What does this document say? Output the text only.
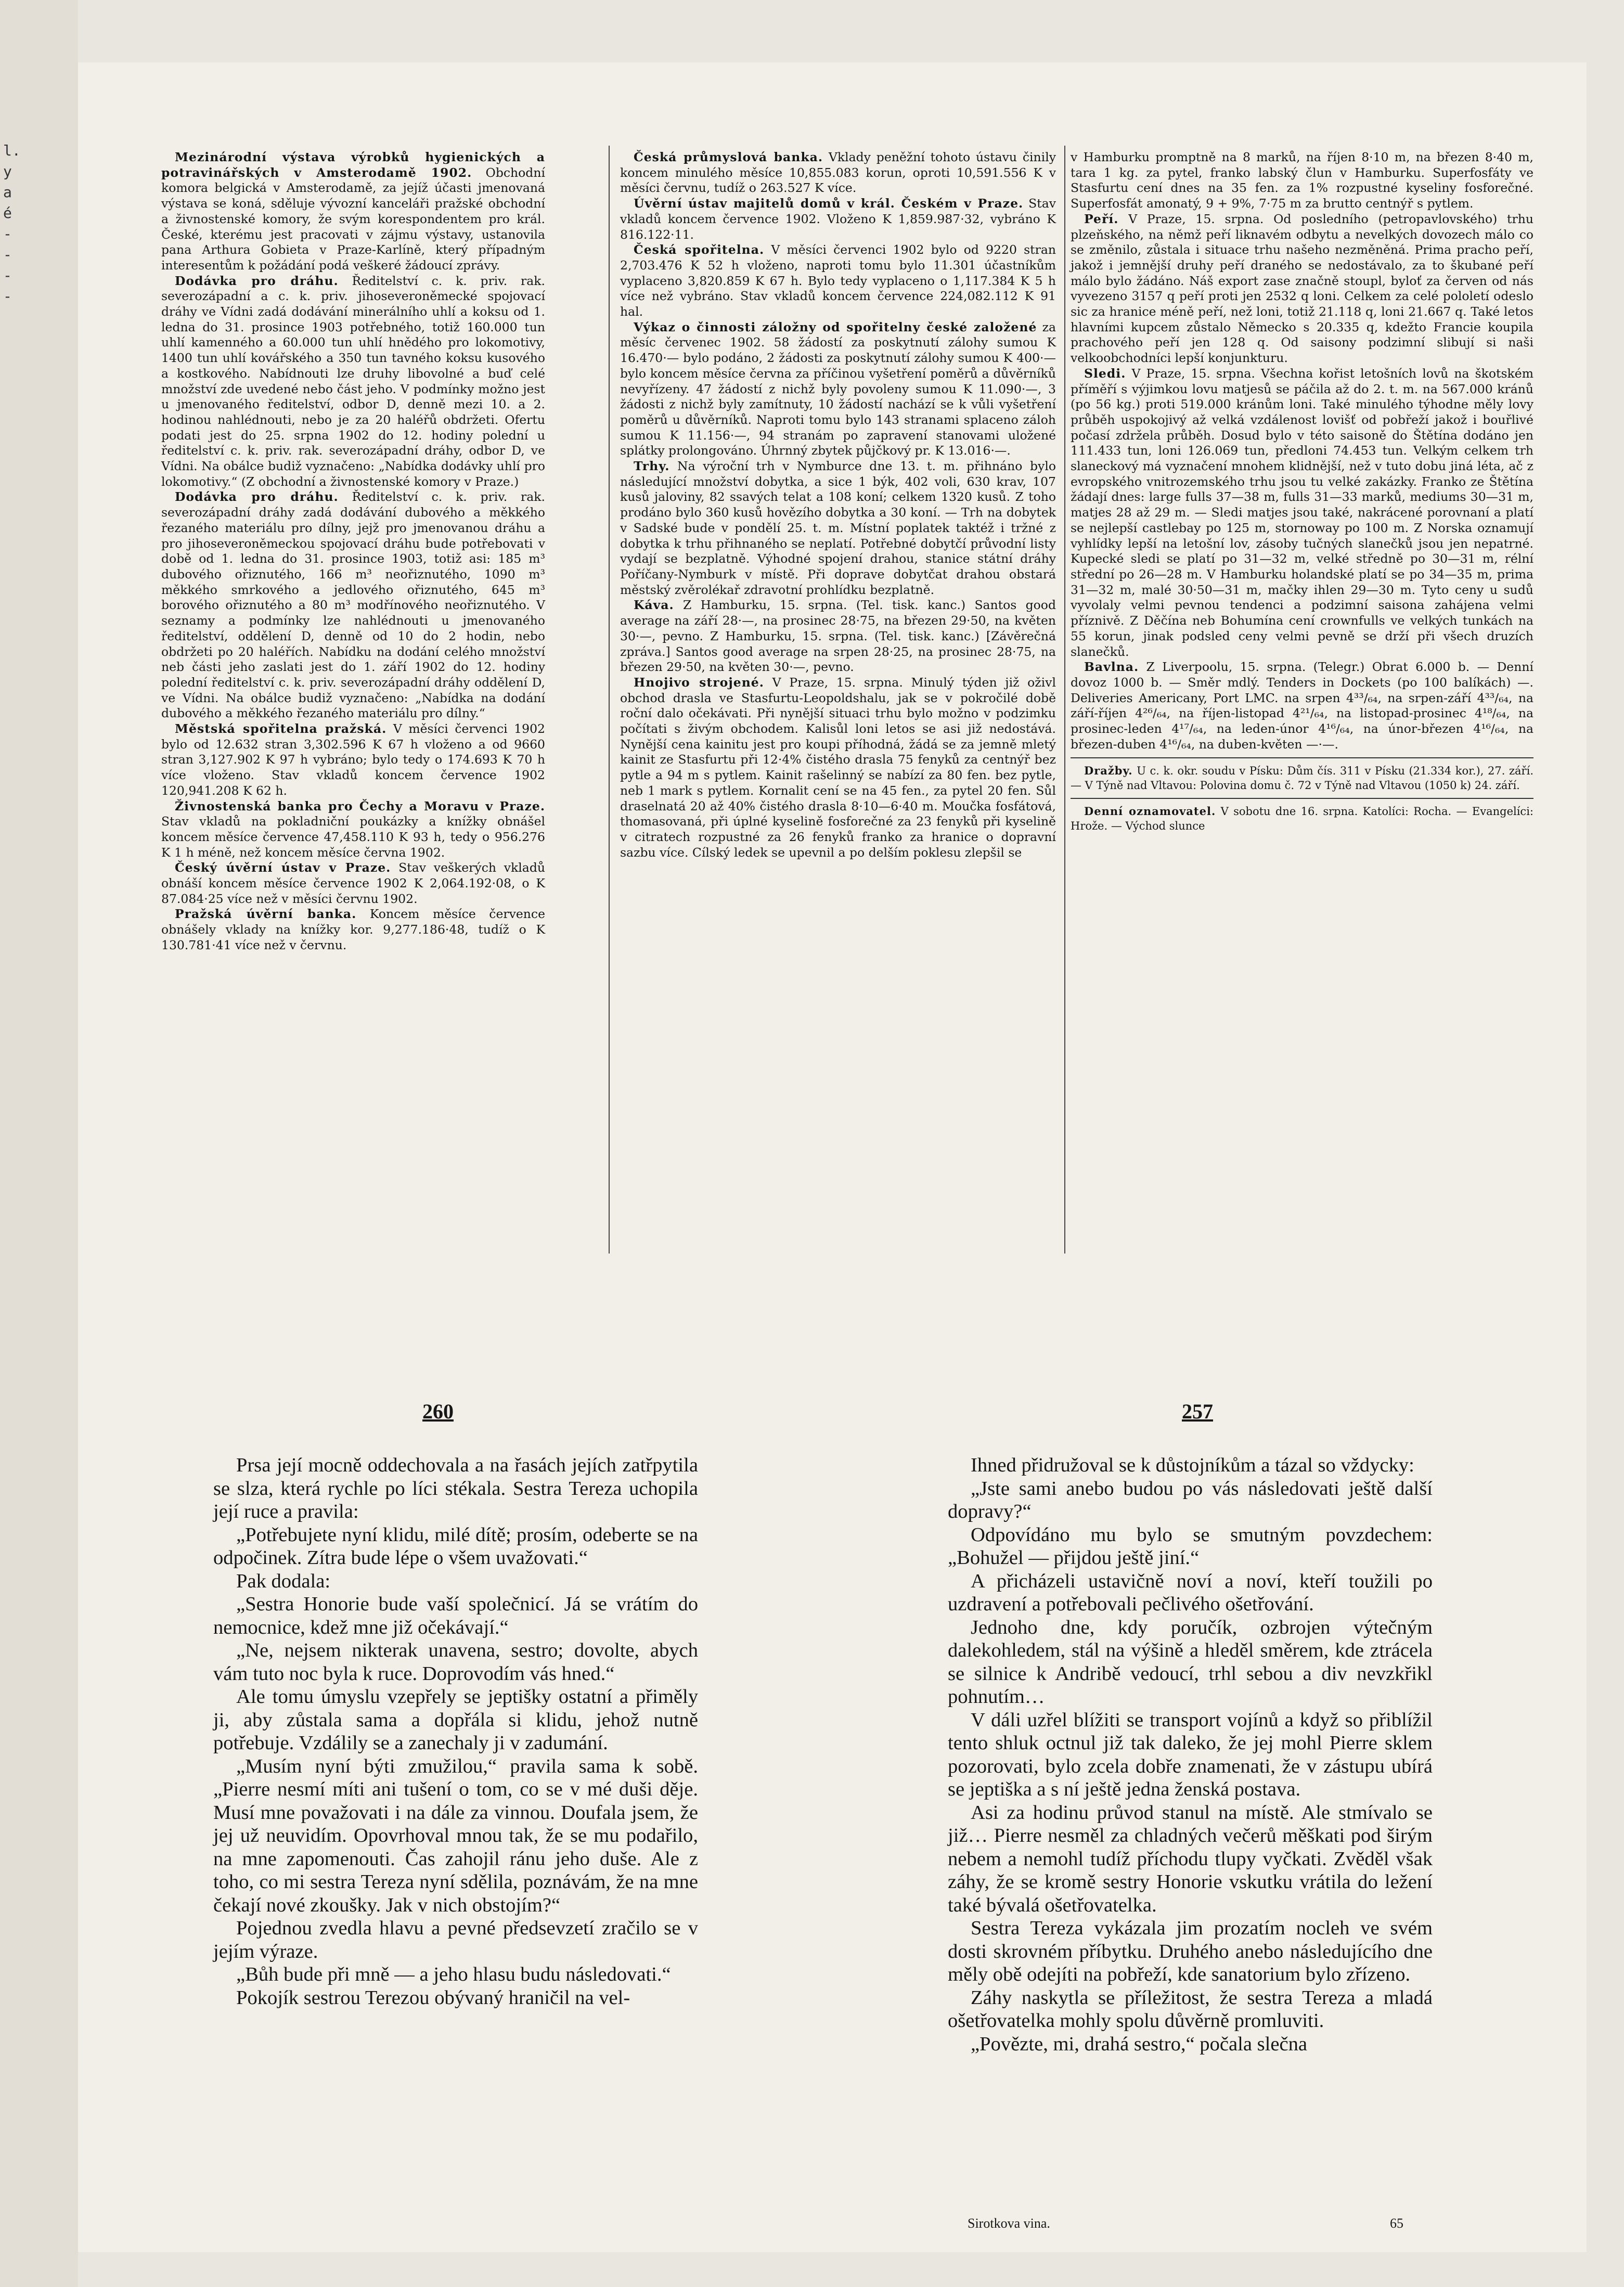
l.
y
a
é
-
-
-
-

Mezinárodní výstava výrobků hygienických a potravinářských v Amsterodamě 1902. Obchodní komora belgická v Amsterodamě, za jejíž účasti jmenovaná výstava se koná, sděluje vývozní kanceláři pražské obchodní a živnostenské komory, že svým korespondentem pro král. České, kterému jest pracovati v zájmu výstavy, ustanovila pana Arthura Gobieta v Praze-Karlíně, který případným interesentům k požádání podá veškeré žádoucí zprávy.

Dodávka pro dráhu. Ředitelství c. k. priv. rak. severozápadní a c. k. priv. jihoseveroněmecké spojovací dráhy ve Vídni zadá dodávání minerálního uhlí a koksu od 1. ledna do 31. prosince 1903 potřebného, totiž 160.000 tun uhlí kamenného a 60.000 tun uhlí hnědého pro lokomotivy, 1400 tun uhlí kovářského a 350 tun tavného koksu kusového a kostkového. Nabídnouti lze druhy libovolné a buď celé množství zde uvedené nebo část jeho. V podmínky možno jest u jmenovaného ředitelství, odbor D, denně mezi 10. a 2. hodinou nahlédnouti, nebo je za 20 haléřů obdržeti. Ofertu podati jest do 25. srpna 1902 do 12. hodiny polední u ředitelství c. k. priv. rak. severozápadní dráhy, odbor D, ve Vídni. Na obálce budiž vyznačeno: „Nabídka dodávky uhlí pro lokomotivy.“ (Z obchodní a živnostenské komory v Praze.)

Dodávka pro dráhu. Ředitelství c. k. priv. rak. severozápadní dráhy zadá dodávání dubového a měkkého řezaného materiálu pro dílny, jejž pro jmenovanou dráhu a pro jihoseveroněmeckou spojovací dráhu bude potřebovati v době od 1. ledna do 31. prosince 1903, totiž asi: 185 m³ dubového ořiznutého, 166 m³ neořiznutého, 1090 m³ měkkého smrkového a jedlového ořiznutého, 645 m³ borového ořiznutého a 80 m³ modřínového neořiznutého. V seznamy a podmínky lze nahlédnouti u jmenovaného ředitelství, oddělení D, denně od 10 do 2 hodin, nebo obdržeti po 20 haléřích. Nabídku na dodání celého množství neb části jeho zaslati jest do 1. září 1902 do 12. hodiny polední ředitelství c. k. priv. severozápadní dráhy oddělení D, ve Vídni. Na obálce budiž vyznačeno: „Nabídka na dodání dubového a měkkého řezaného materiálu pro dílny.“

Městská spořitelna pražská. V měsíci červenci 1902 bylo od 12.632 stran 3,302.596 K 67 h vloženo a od 9660 stran 3,127.902 K 97 h vybráno; bylo tedy o 174.693 K 70 h více vloženo. Stav vkladů koncem července 1902 120,941.208 K 62 h.

Živnostenská banka pro Čechy a Moravu v Praze. Stav vkladů na pokladniční poukázky a knížky obnášel koncem měsíce července 47,458.110 K 93 h, tedy o 956.276 K 1 h méně, než koncem měsíce června 1902.

Český úvěrní ústav v Praze. Stav veškerých vkladů obnáší koncem měsíce července 1902 K 2,064.192·08, o K 87.084·25 více než v měsíci červnu 1902.

Pražská úvěrní banka. Koncem měsíce července obnášely vklady na knížky kor. 9,277.186·48, tudíž o K 130.781·41 více než v červnu.

Česká průmyslová banka. Vklady peněžní tohoto ústavu činily koncem minulého měsíce 10,855.083 korun, oproti 10,591.556 K v měsíci červnu, tudíž o 263.527 K více.

Úvěrní ústav majitelů domů v král. Českém v Praze. Stav vkladů koncem července 1902. Vloženo K 1,859.987·32, vybráno K 816.122·11.

Česká spořitelna. V měsíci červenci 1902 bylo od 9220 stran 2,703.476 K 52 h vloženo, naproti tomu bylo 11.301 účastníkům vyplaceno 3,820.859 K 67 h. Bylo tedy vyplaceno o 1,117.384 K 5 h více než vybráno. Stav vkladů koncem července 224,082.112 K 91 hal.

Výkaz o činnosti záložny od spořitelny české založené za měsíc červenec 1902. 58 žádostí za poskytnutí zálohy sumou K 16.470·— bylo podáno, 2 žádosti za poskytnutí zálohy sumou K 400·— bylo koncem měsíce června za příčinou vyšetření poměrů a důvěrníků nevyřízeny. 47 žádostí z nichž byly povoleny sumou K 11.090·—, 3 žádosti z nichž byly zamítnuty, 10 žádostí nachází se k vůli vyšetření poměrů u důvěrníků. Naproti tomu bylo 143 stranami splaceno záloh sumou K 11.156·—, 94 stranám po zapravení stanovami uložené splátky prolongováno. Úhrnný zbytek půjčkový pr. K 13.016·—.

Trhy. Na výroční trh v Nymburce dne 13. t. m. přihnáno bylo následující množství dobytka, a sice 1 býk, 402 voli, 630 krav, 107 kusů jaloviny, 82 ssavých telat a 108 koní; celkem 1320 kusů. Z toho prodáno bylo 360 kusů hovězího dobytka a 30 koní. — Trh na dobytek v Sadské bude v pondělí 25. t. m. Místní poplatek taktéž i tržné z dobytka k trhu přihnaného se neplatí. Potřebné dobytčí průvodní listy vydají se bezplatně. Výhodné spojení drahou, stanice státní dráhy Poříčany-Nymburk v místě. Při doprave dobytčat drahou obstará městský zvěrolékař zdravotní prohlídku bezplatně.

Káva. Z Hamburku, 15. srpna. (Tel. tisk. kanc.) Santos good average na září 28·—, na prosinec 28·75, na březen 29·50, na květen 30·—, pevno. Z Hamburku, 15. srpna. (Tel. tisk. kanc.) [Závěrečná zpráva.] Santos good average na srpen 28·25, na prosinec 28·75, na březen 29·50, na květen 30·—, pevno.

Hnojivo strojené. V Praze, 15. srpna. Minulý týden již oživl obchod drasla ve Stasfurtu-Leopoldshalu, jak se v pokročilé době roční dalo očekávati. Při nynější situaci trhu bylo možno v podzimku počítati s živým obchodem. Kalisůl loni letos se asi již nedostává. Nynější cena kainitu jest pro koupi příhodná, žádá se za jemně mletý kainit ze Stasfurtu při 12·4% čistého drasla 75 fenyků za centnýř bez pytle a 94 m s pytlem. Kainit rašelinný se nabízí za 80 fen. bez pytle, neb 1 mark s pytlem. Kornalit cení se na 45 fen., za pytel 20 fen. Sůl draselnatá 20 až 40% čistého drasla 8·10—6·40 m. Moučka fosfátová, thomasovaná, při úplné kyselině fosforečné za 23 fenyků při kyselině v citratech rozpustné za 26 fenyků franko za hranice o dopravní sazbu více. Cílský ledek se upevnil a po delším poklesu zlepšil se

v Hamburku promptně na 8 marků, na říjen 8·10 m, na březen 8·40 m, tara 1 kg. za pytel, franko labský člun v Hamburku. Superfosfáty ve Stasfurtu cení dnes na 35 fen. za 1% rozpustné kyseliny fosforečné. Superfosfát amonatý, 9 + 9%, 7·75 m za brutto centnýř s pytlem.

Peří. V Praze, 15. srpna. Od posledního (petropavlovského) trhu plzeňského, na němž peří liknavém odbytu a nevelkých dovozech málo co se změnilo, zůstala i situace trhu našeho nezměněná. Prima pracho peří, jakož i jemnější druhy peří draného se nedostávalo, za to škubané peří málo bylo žádáno. Náš export zase značně stoupl, byloť za červen od nás vyvezeno 3157 q peří proti jen 2532 q loni. Celkem za celé pololetí odeslo sic za hranice méně peří, než loni, totiž 21.118 q, loni 21.667 q. Také letos hlavními kupcem zůstalo Německo s 20.335 q, kdežto Francie koupila prachového peří jen 128 q. Od saisony podzimní slibují si naši velkoobchodníci lepší konjunkturu.

Sledi. V Praze, 15. srpna. Všechna kořist letošních lovů na škotském příměří s výjimkou lovu matjesů se páčila až do 2. t. m. na 567.000 kránů (po 56 kg.) proti 519.000 kránům loni. Také minulého týhodne měly lovy průběh uspokojivý až velká vzdálenost lovišť od pobřeží jakož i bouřlivé počasí zdržela průběh. Dosud bylo v této saisoně do Štětína dodáno jen 111.433 tun, loni 126.069 tun, předloni 74.453 tun. Velkým celkem trh slaneckový má vyznačení mnohem klidnější, než v tuto dobu jiná léta, ač z evropského vnitrozemského trhu jsou tu velké zakázky. Franko ze Štětína žádají dnes: large fulls 37—38 m, fulls 31—33 marků, mediums 30—31 m, matjes 28 až 29 m. — Sledi matjes jsou také, nakrácené porovnaní a platí se nejlepší castlebay po 125 m, stornoway po 100 m. Z Norska oznamují vyhlídky lepší na letošní lov, zásoby tučných slanečků jsou jen nepatrné. Kupecké sledi se platí po 31—32 m, velké středně po 30—31 m, rélní střední po 26—28 m. V Hamburku holandské platí se po 34—35 m, prima 31—32 m, malé 30·50—31 m, mačky ihlen 29—30 m. Tyto ceny u sudů vyvolaly velmi pevnou tendenci a podzimní saisona zahájena velmi příznivě. Z Děčína neb Bohumína cení crownfulls ve velkých tunkách na 55 korun, jinak podsled ceny velmi pevně se drží při všech druzích slanečků.

Bavlna. Z Liverpoolu, 15. srpna. (Telegr.) Obrat 6.000 b. — Denní dovoz 1000 b. — Směr mdlý. Tenders in Dockets (po 100 balíkách) —. Deliveries Americany, Port LMC. na srpen 4³³/₆₄, na srpen-září 4³³/₆₄, na září-říjen 4²⁶/₆₄, na říjen-listopad 4²¹/₆₄, na listopad-prosinec 4¹⁸/₆₄, na prosinec-leden 4¹⁷/₆₄, na leden-únor 4¹⁶/₆₄, na únor-březen 4¹⁶/₆₄, na březen-duben 4¹⁶/₆₄, na duben-květen —·—.

Dražby. U c. k. okr. soudu v Písku: Dům čís. 311 v Písku (21.334 kor.), 27. září. — V Týně nad Vltavou: Polovina domu č. 72 v Týně nad Vltavou (1050 k) 24. září.

Denní oznamovatel. V sobotu dne 16. srpna. Katolíci: Rocha. — Evangelíci: Hrože. — Východ slunce

260	257

Prsa její mocně oddechovala a na řasách jejích zatřpytila se slza, která rychle po líci stékala. Sestra Tereza uchopila její ruce a pravila:

„Potřebujete nyní klidu, milé dítě; prosím, odeberte se na odpočinek. Zítra bude lépe o všem uvažovati.“

Pak dodala:

„Sestra Honorie bude vaší společnicí. Já se vrátím do nemocnice, kdež mne již očekávají.“

„Ne, nejsem nikterak unavena, sestro; dovolte, abych vám tuto noc byla k ruce. Doprovodím vás hned.“

Ale tomu úmyslu vzepřely se jeptišky ostatní a přiměly ji, aby zůstala sama a dopřála si klidu, jehož nutně potřebuje. Vzdálily se a zanechaly ji v zadumání.

„Musím nyní býti zmužilou,“ pravila sama k sobě. „Pierre nesmí míti ani tušení o tom, co se v mé duši děje. Musí mne považovati i na dále za vinnou. Doufala jsem, že jej už neuvidím. Opovrhoval mnou tak, že se mu podařilo, na mne zapomenouti. Čas zahojil ránu jeho duše. Ale z toho, co mi sestra Tereza nyní sdělila, poznávám, že na mne čekají nové zkoušky. Jak v nich obstojím?“

Pojednou zvedla hlavu a pevné předsevzetí zračilo se v jejím výraze.

„Bůh bude při mně — a jeho hlasu budu následovati.“

Pokojík sestrou Terezou obývaný hraničil na vel-

Ihned přidružoval se k důstojníkům a tázal so vždycky:

„Jste sami anebo budou po vás následovati ještě další dopravy?“

Odpovídáno mu bylo se smutným povzdechem: „Bohužel — přijdou ještě jiní.“

A přicházeli ustavičně noví a noví, kteří toužili po uzdravení a potřebovali pečlivého ošetřování.

Jednoho dne, kdy poručík, ozbrojen výtečným dalekohledem, stál na výšině a hleděl směrem, kde ztrácela se silnice k Andribě vedoucí, trhl sebou a div nevzkřikl pohnutím…

V dáli uzřel blížiti se transport vojínů a když so přiblížil tento shluk octnul již tak daleko, že jej mohl Pierre sklem pozorovati, bylo zcela dobře znamenati, že v zástupu ubírá se jeptiška a s ní ještě jedna ženská postava.

Asi za hodinu průvod stanul na místě. Ale stmívalo se již… Pierre nesměl za chladných večerů měškati pod širým nebem a nemohl tudíž příchodu tlupy vyčkati. Zvěděl však záhy, že se kromě sestry Honorie vskutku vrátila do ležení také bývalá ošetřovatelka.

Sestra Tereza vykázala jim prozatím nocleh ve svém dosti skrovném příbytku. Druhého anebo následujícího dne měly obě odejíti na pobřeží, kde sanatorium bylo zřízeno.

Záhy naskytla se příležitost, že sestra Tereza a mladá ošetřovatelka mohly spolu důvěrně promluviti.

„Povězte, mi, drahá sestro,“ počala slečna

Sirotkova vina.	65
